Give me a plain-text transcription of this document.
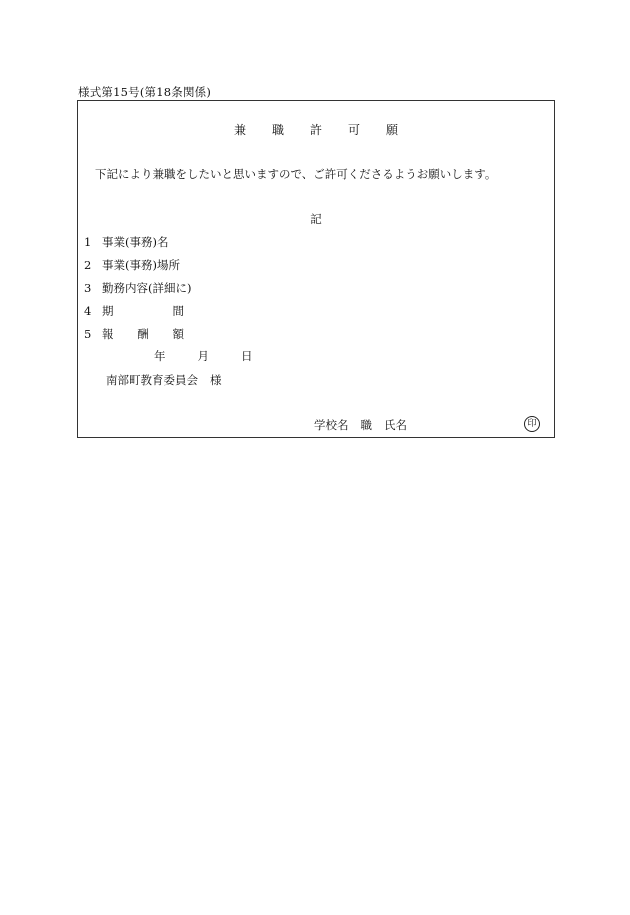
様式第15号(第18条関係)
兼 職 許 可 願
下記により兼職をしたいと思いますので、ご許可くださるようお願いします。
記
1 事業(事務)名
2 事業(事務)場所
3 勤務内容(詳細に)
4 期	間
5 報 酬 額
年	月	日
南部町教育委員会 様
学校名 職 氏名	印
